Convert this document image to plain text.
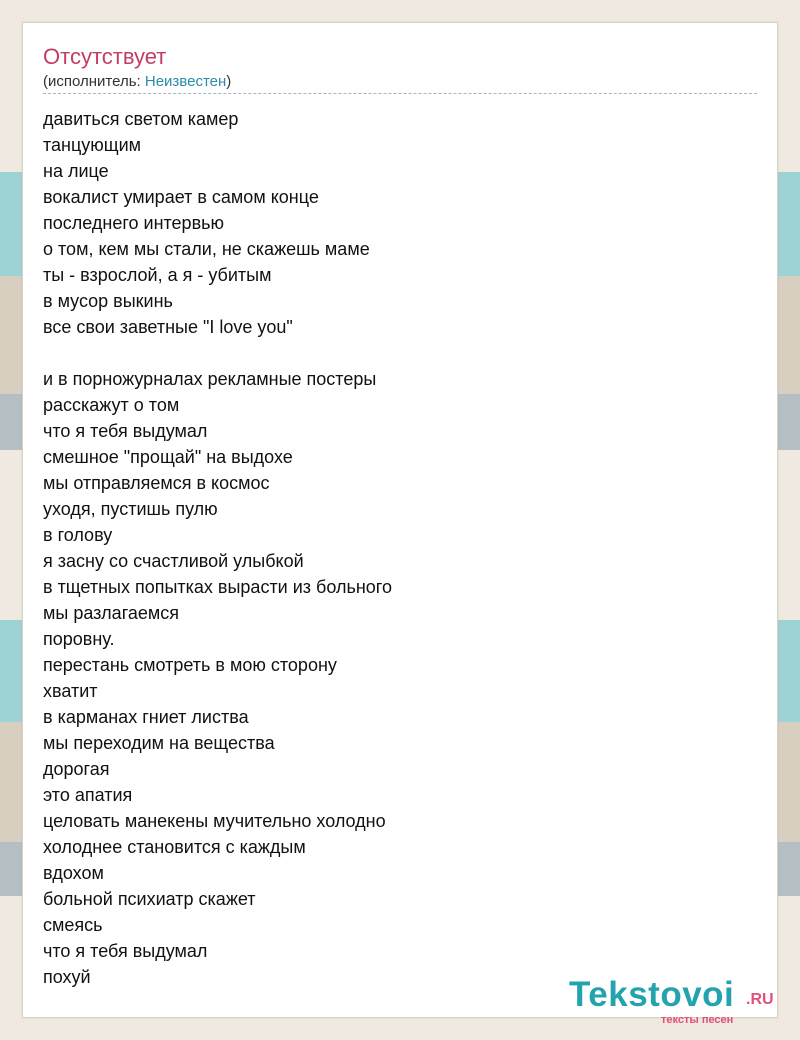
Отсутствует
(исполнитель: Неизвестен)
давиться светом камер
танцующим
на лице
вокалист умирает в самом конце
последнего интервью
о том, кем мы стали, не скажешь маме
ты - взрослой, а я - убитым
в мусор выкинь
все свои заветные "I love you"
и в порножурналах рекламные постеры
расскажут о том
что я тебя выдумал
смешное "прощай" на выдохе
мы отправляемся в космос
уходя, пустишь пулю
в голову
я засну со счастливой улыбкой
в тщетных попытках вырасти из больного
мы разлагаемся
поровну.
перестань смотреть в мою сторону
хватит
в карманах гниет листва
мы переходим на вещества
дорогая
это апатия
целовать манекены мучительно холодно
холоднее становится с каждым
вдохом
больной психиатр скажет
смеясь
что я тебя выдумал
похуй	Tekstovoi .RU
тексты песен
